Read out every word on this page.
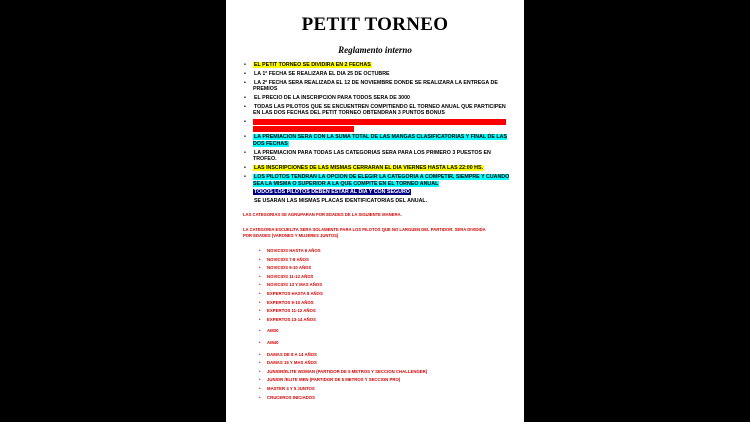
PETIT TORNEO
Reglamento interno
• EL PETIT TORNEO SE DIVIDIRA EN 2 FECHAS
• LA 1ª FECHA SE REALIZARA EL DIA 25 DE OCTUBRE
• LA 2ª FECHA SERA REALIZADA EL 12 DE NOVIEMBRE DONDE SE REALIZARA LA ENTREGA DE PREMIOS
• EL PRECIO DE LA INSCRIPCION PARA TODOS SERA DE 3000
• TODAS LAS PILOTOS QUE SE ENCUENTREN COMPITIENDO EL TORNEO ANUAL QUE PARTICIPEN EN LAS DOS FECHAS DEL PETIT TORNEO OBTENDRAN 3 PUNTOS BONUS
• PARA OBTENER LOS PUNTOS BONUS Y PODER ACCEDER A LA PREMIACION DEBEN PARTICIPAR EN LAS 2 FECHAS DEL PETIT TORNEO
• LA PREMIACION SERA CON LA SUMA TOTAL DE LAS MANGAS CLASIFICATORIAS Y FINAL DE LAS DOS FECHAS
• LA PREMIACION PARA TODAS LAS CATEGORIAS SERA PARA LOS PRIMERO 3 PUESTOS EN TROFEO.
• LAS INSCRIPCIONES DE LAS MISMAS CERRARAN EL DIA VIERNES HASTA LAS 22:00 HS.
• LOS PILOTOS TENDRAN LA OPCION DE ELEGIR LA CATEGORIA A COMPETIR, SIEMPRE Y CUANDO SEA LA MISMA O SUPERIOR A LA QUE COMPITE EN EL TORNEO ANUAL
TODOS LOS PILOTOS DEBEN ESTAR AL DIA Y CON SEGURO
SE USARAN LAS MISMAS PLACAS IDENTIFICATORIAS DEL ANUAL.
LAS CATEGORIAS SE AGRUPARAN POR EDADES DE LA SIGUIENTE MANERA.
LA CATEGORIA ESCUELITA SERA SOLAMENTE PARA LOS PILOTOS QUE NO LARGUEN DEL PARTIDOR. SERA DIVIDIDA POR EDADES (VARONES Y MUJERES JUNTOS)
• NOVICIOS HASTA 6 AÑOS
• NOVICIOS 7-8 AÑOS
• NOVICIOS 9-10 AÑOS
• NOVICIOS 11-12 AÑOS
• NOVICIOS 13 Y MAS AÑOS
• EXPERTOS HASTA 8 AÑOS
• EXPERTOS 9-10 AÑOS
• EXPERTOS 11-12 AÑOS
• EXPERTOS 13-14 AÑOS
• AM30
• AM40
• DAMAS DE 8 A 14 AÑOS
• DAMAS 15 Y MAS AÑOS
• JUNIOR/ELITE WOMAN (PARTIDOR DE 5 METROS Y SECCION CHALLENGER)
• JUNIOR /ELITE MEN (PARTIDOR DE 5 METROS Y SECCION PRO)
• MASTER 4 Y 5 JUNTOS
• CRUCEROS INICIADOS
